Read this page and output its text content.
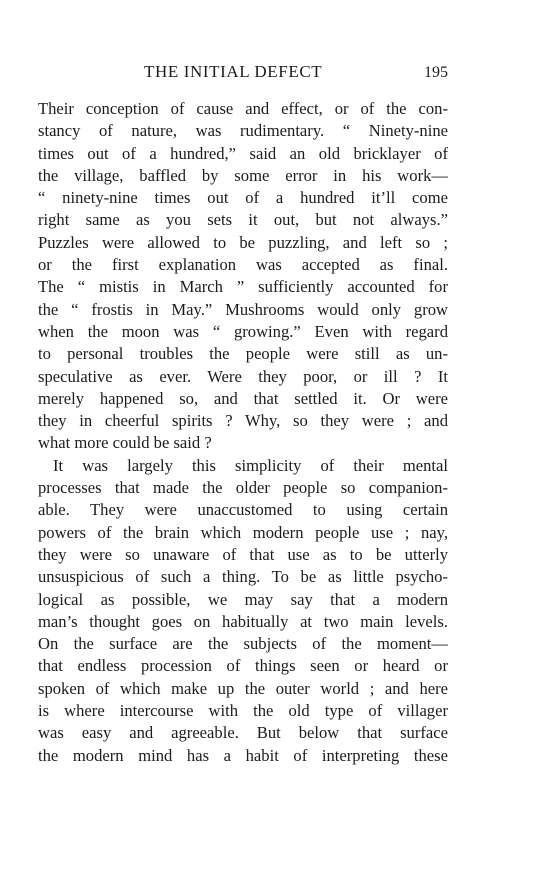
THE INITIAL DEFECT	195
Their conception of cause and effect, or of the con-
stancy of nature, was rudimentary. “ Ninety-nine
times out of a hundred,” said an old bricklayer of
the village, baffled by some error in his work—
“ ninety-nine times out of a hundred it’ll come
right same as you sets it out, but not always.”
Puzzles were allowed to be puzzling, and left so ;
or the first explanation was accepted as final.
The “ mistis in March ” sufficiently accounted for
the “ frostis in May.” Mushrooms would only grow
when the moon was “ growing.” Even with regard
to personal troubles the people were still as un-
speculative as ever. Were they poor, or ill ? It
merely happened so, and that settled it. Or were
they in cheerful spirits ? Why, so they were ; and
what more could be said ?
It was largely this simplicity of their mental
processes that made the older people so companion-
able. They were unaccustomed to using certain
powers of the brain which modern people use ; nay,
they were so unaware of that use as to be utterly
unsuspicious of such a thing. To be as little psycho-
logical as possible, we may say that a modern
man’s thought goes on habitually at two main levels.
On the surface are the subjects of the moment—
that endless procession of things seen or heard or
spoken of which make up the outer world ; and here
is where intercourse with the old type of villager
was easy and agreeable. But below that surface
the modern mind has a habit of interpreting these
